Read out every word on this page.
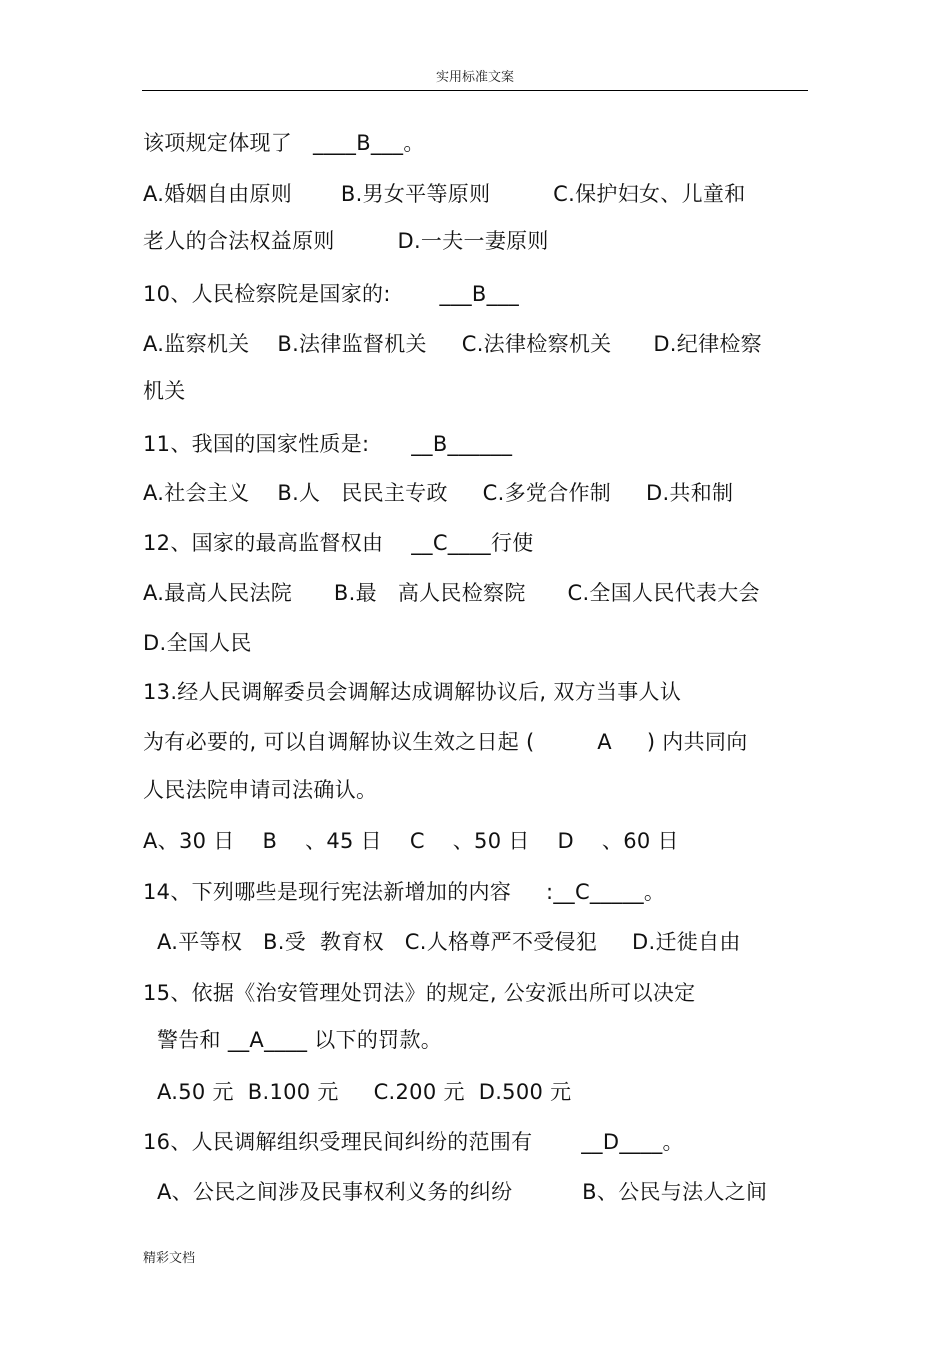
实用标准文案
该项规定体现了   ____B___。
A.婚姻自由原则       B.男女平等原则         C.保护妇女、儿童和
老人的合法权益原则         D.一夫一妻原则
10、人民检察院是国家的:       ___B___
A.监察机关    B.法律监督机关     C.法律检察机关      D.纪律检察
机关
11、我国的国家性质是:      __B______
A.社会主义    B.人   民民主专政     C.多党合作制     D.共和制
12、国家的最高监督权由    __C____行使
A.最高人民法院      B.最   高人民检察院      C.全国人民代表大会
D.全国人民
13.经人民调解委员会调解达成调解协议后, 双方当事人认
为有必要的, 可以自调解协议生效之日起 (         A     ) 内共同向
人民法院申请司法确认。
A、30 日    B    、45 日    C    、50 日    D    、60 日
14、下列哪些是现行宪法新增加的内容     :__C_____。
A.平等权   B.受  教育权   C.人格尊严不受侵犯     D.迁徙自由
15、依据《治安管理处罚法》的规定, 公安派出所可以决定
警告和 __A____ 以下的罚款。
A.50 元  B.100 元     C.200 元  D.500 元
16、人民调解组织受理民间纠纷的范围有       __D____。
A、公民之间涉及民事权利义务的纠纷          B、公民与法人之间
精彩文档
